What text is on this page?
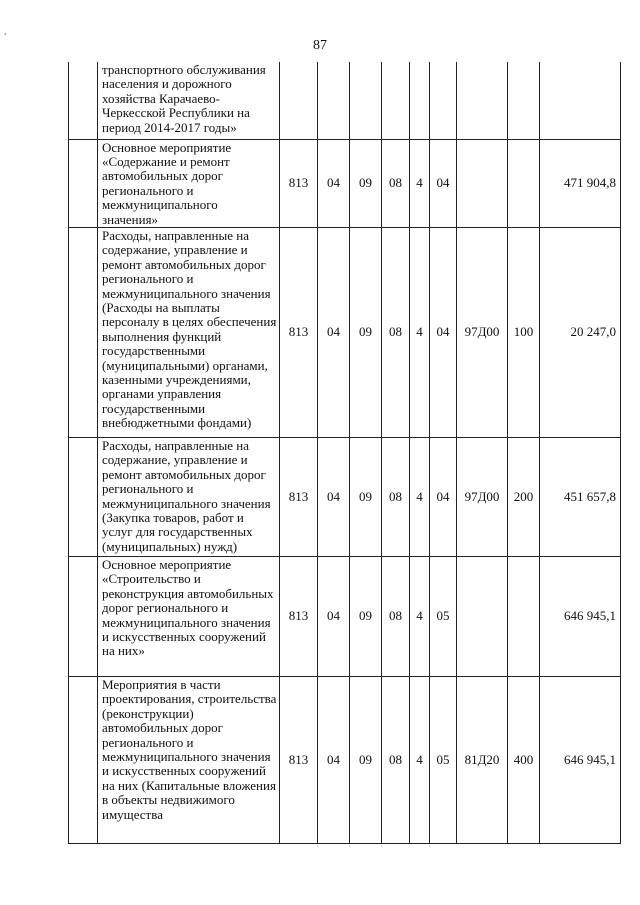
,
87
	транспортного обслуживания населения и дорожного хозяйства Карачаево-Черкесской Республики на период 2014-2017 годы»									
	Основное мероприятие «Содержание и ремонт автомобильных дорог регионального и межмуниципального значения»	813	04	09	08	4	04			471 904,8
	Расходы, направленные на содержание, управление и ремонт автомобильных дорог регионального и межмуниципального значения (Расходы на выплаты персоналу в целях обеспечения выполнения функций государственными (муниципальными) органами, казенными учреждениями, органами управления государственными внебюджетными фондами)	813	04	09	08	4	04	97Д00	100	20 247,0
	Расходы, направленные на содержание, управление и ремонт автомобильных дорог регионального и межмуниципального значения (Закупка товаров, работ и услуг для государственных (муниципальных) нужд)	813	04	09	08	4	04	97Д00	200	451 657,8
	Основное мероприятие «Строительство и реконструкция автомобильных дорог регионального и межмуниципального значения и искусственных сооружений на них»	813	04	09	08	4	05			646 945,1
	Мероприятия в части проектирования, строительства (реконструкции) автомобильных дорог регионального и межмуниципального значения и искусственных сооружений на них (Капитальные вложения в объекты недвижимого имущества	813	04	09	08	4	05	81Д20	400	646 945,1
